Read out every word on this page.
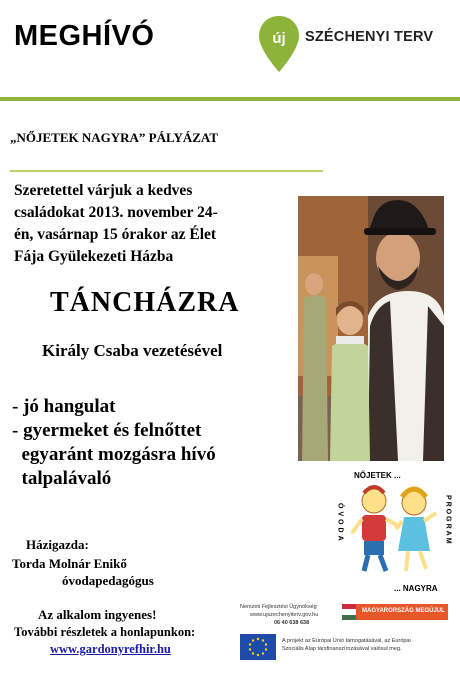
MEGHÍVÓ	új SZÉCHENYI TERV
„NŐJETEK NAGYRA” PÁLYÁZAT
Szeretettel várjuk a kedves
családokat 2013. november 24-
én, vasárnap 15 órakor az Élet
Fája Gyülekezeti Házba
TÁNCHÁZRA
Király Csaba vezetésével
- jó hangulat
- gyermeket és felnőttet
egyaránt mozgásra hívó
talpalávaló
Házigazda:
Torda Molnár Enikő
óvodapedagógus
Az alkalom ingyenes!
További részletek a honlapunkon:
www.gardonyrefhir.hu
NŐJETEK ...
... NAGYRA
ÓVODA	PROGRAM
Nemzeti Fejlesztési Ügynökség
www.ujszechenyiterv.gov.hu
06 40 638 638
MAGYARORSZÁG MEGÚJUL
A projekt az Európai Unió támogatásával, az Európai
Szociális Alap társfinanszírozásával valósul meg.
